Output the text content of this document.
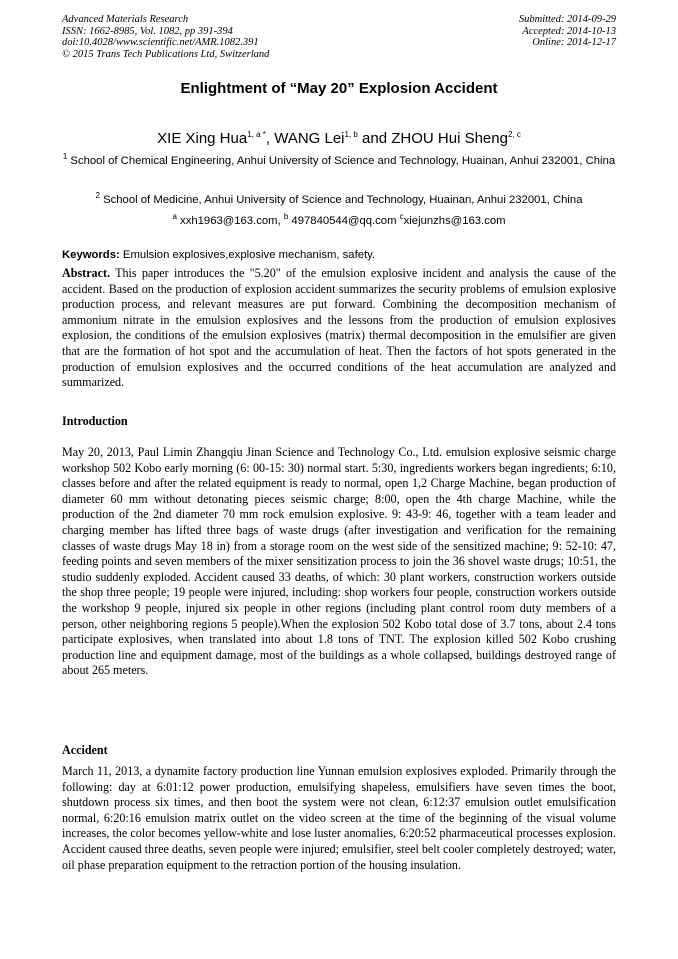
Advanced Materials Research
ISSN: 1662-8985, Vol. 1082, pp 391-394
doi:10.4028/www.scientific.net/AMR.1082.391
© 2015 Trans Tech Publications Ltd, Switzerland
Submitted: 2014-09-29
Accepted: 2014-10-13
Online: 2014-12-17
Enlightment of “May 20” Explosion Accident
XIE Xing Hua$^{1, a *}$, WANG Lei$^{1, b}$ and ZHOU Hui Sheng$^{2, c}$
$^1$ School of Chemical Engineering, Anhui University of Science and Technology, Huainan, Anhui 232001, China
$^2$ School of Medicine, Anhui University of Science and Technology, Huainan, Anhui 232001, China
$^a$ xxh1963@163.com, $^b$ 497840544@qq.com $^c$xiejunzhs@163.com
Keywords: Emulsion explosives,explosive mechanism, safety.
Abstract. This paper introduces the "5.20" of the emulsion explosive incident and analysis the cause of the accident. Based on the production of explosion accident summarizes the security problems of emulsion explosive production process, and relevant measures are put forward. Combining the decomposition mechanism of ammonium nitrate in the emulsion explosives and the lessons from the production of emulsion explosives explosion, the conditions of the emulsion explosives (matrix) thermal decomposition in the emulsifier are given that are the formation of hot spot and the accumulation of heat. Then the factors of hot spots generated in the production of emulsion explosives and the occurred conditions of the heat accumulation are analyzed and summarized.
Introduction
May 20, 2013, Paul Limin Zhangqiu Jinan Science and Technology Co., Ltd. emulsion explosive seismic charge workshop 502 Kobo early morning (6: 00-15: 30) normal start. 5:30, ingredients workers began ingredients; 6:10, classes before and after the related equipment is ready to normal, open 1,2 Charge Machine, began production of diameter 60 mm without detonating pieces seismic charge; 8:00, open the 4th charge Machine, while the production of the 2nd diameter 70 mm rock emulsion explosive. 9: 43-9: 46, together with a team leader and charging member has lifted three bags of waste drugs (after investigation and verification for the remaining classes of waste drugs May 18 in) from a storage room on the west side of the sensitized machine; 9: 52-10: 47, feeding points and seven members of the mixer sensitization process to join the 36 shovel waste drugs; 10:51, the studio suddenly exploded. Accident caused 33 deaths, of which: 30 plant workers, construction workers outside the shop three people; 19 people were injured, including: shop workers four people, construction workers outside the workshop 9 people, injured six people in other regions (including plant control room duty members of a person, other neighboring regions 5 people).When the explosion 502 Kobo total dose of 3.7 tons, about 2.4 tons participate explosives, when translated into about 1.8 tons of TNT. The explosion killed 502 Kobo crushing production line and equipment damage, most of the buildings as a whole collapsed, buildings destroyed range of about 265 meters.
Accident
March 11, 2013, a dynamite factory production line Yunnan emulsion explosives exploded. Primarily through the following: day at 6:01:12 power production, emulsifying shapeless, emulsifiers have seven times the boot, shutdown process six times, and then boot the system were not clean, 6:12:37 emulsion outlet emulsification normal, 6:20:16 emulsion matrix outlet on the video screen at the time of the beginning of the visual volume increases, the color becomes yellow-white and lose luster anomalies, 6:20:52 pharmaceutical processes explosion. Accident caused three deaths, seven people were injured; emulsifier, steel belt cooler completely destroyed; water, oil phase preparation equipment to the retraction portion of the housing insulation.
